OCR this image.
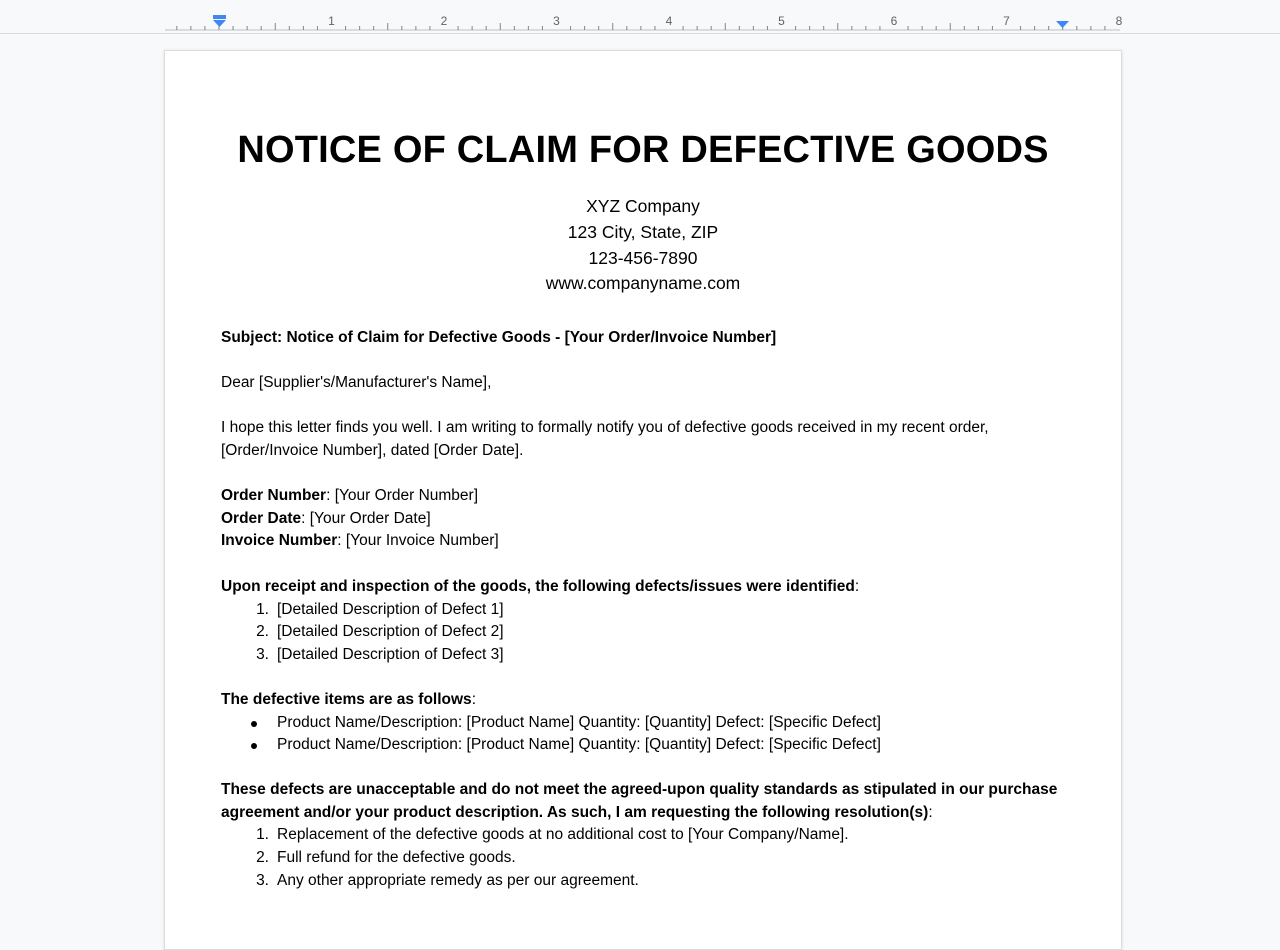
1	2	3	4	5	6	7	8
NOTICE OF CLAIM FOR DEFECTIVE GOODS
XYZ Company
123 City, State, ZIP
123-456-7890
www.companyname.com
Subject: Notice of Claim for Defective Goods - [Your Order/Invoice Number]
Dear [Supplier's/Manufacturer's Name],
I hope this letter finds you well. I am writing to formally notify you of defective goods received in my recent order,
[Order/Invoice Number], dated [Order Date].
Order Number: [Your Order Number]
Order Date: [Your Order Date]
Invoice Number: [Your Invoice Number]
Upon receipt and inspection of the goods, the following defects/issues were identified:
1. [Detailed Description of Defect 1]
2. [Detailed Description of Defect 2]
3. [Detailed Description of Defect 3]
The defective items are as follows:
Product Name/Description: [Product Name] Quantity: [Quantity] Defect: [Specific Defect]
Product Name/Description: [Product Name] Quantity: [Quantity] Defect: [Specific Defect]
These defects are unacceptable and do not meet the agreed-upon quality standards as stipulated in our purchase
agreement and/or your product description. As such, I am requesting the following resolution(s):
1. Replacement of the defective goods at no additional cost to [Your Company/Name].
2. Full refund for the defective goods.
3. Any other appropriate remedy as per our agreement.
